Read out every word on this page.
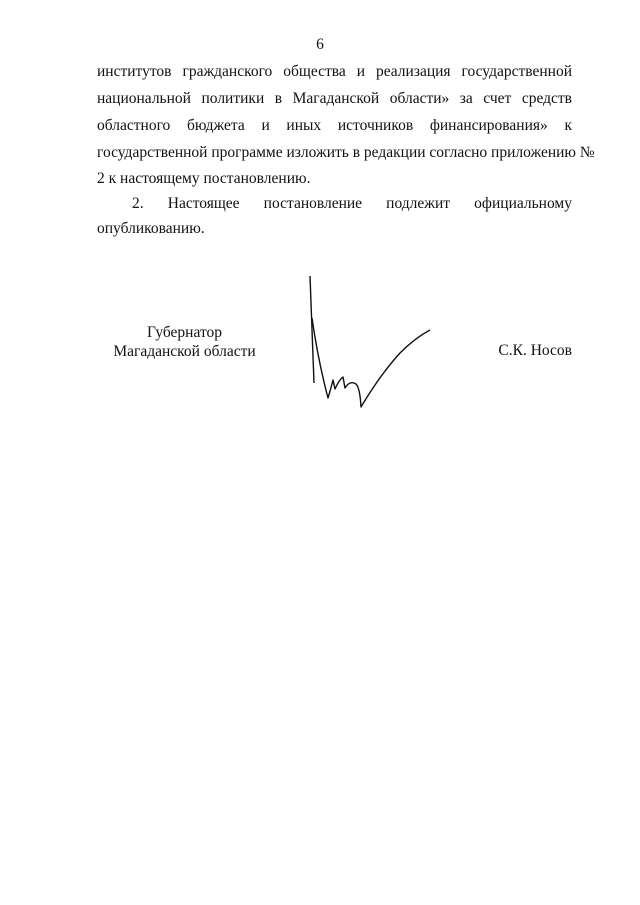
6
институтов гражданского общества и реализация государственной
национальной политики в Магаданской области» за счет средств
областного бюджета и иных источников финансирования» к
государственной программе изложить в редакции согласно приложению №
2 к настоящему постановлению.
2. Настоящее постановление подлежит официальному
опубликованию.
Губернатор
Магаданской области	С.К. Носов
